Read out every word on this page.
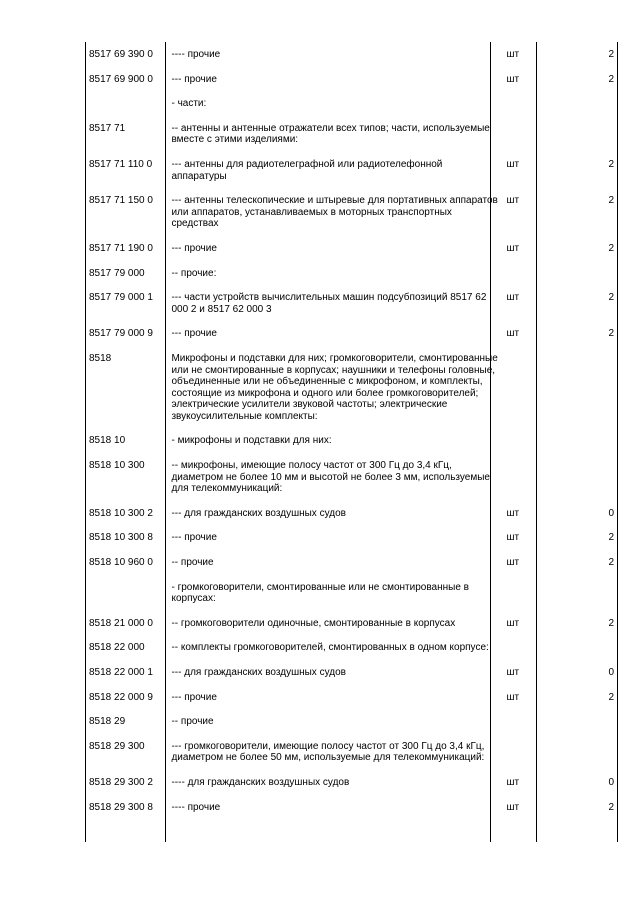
8517 69 390 0	---- прочие	шт	2
8517 69 900 0	--- прочие	шт	2
	- части:		
8517 71	-- антенны и антенные отражатели всех типов; части, используемые вместе с этими изделиями:		
8517 71 110 0	--- антенны для радиотелеграфной или радиотелефонной аппаратуры	шт	2
8517 71 150 0	--- антенны телескопические и штыревые для портативных аппаратов или аппаратов, устанавливаемых в моторных транспортных средствах	шт	2
8517 71 190 0	--- прочие	шт	2
8517 79 000	-- прочие:		
8517 79 000 1	--- части устройств вычислительных машин подсубпозиций 8517 62 000 2 и 8517 62 000 3	шт	2
8517 79 000 9	--- прочие	шт	2
8518	Микрофоны и подставки для них; громкоговорители, смонтированные или не смонтированные в корпусах; наушники и телефоны головные, объединенные или не объединенные с микрофоном, и комплекты, состоящие из микрофона и одного или более громкоговорителей; электрические усилители звуковой частоты; электрические звукоусилительные комплекты:		
8518 10	- микрофоны и подставки для них:		
8518 10 300	-- микрофоны, имеющие полосу частот от 300 Гц до 3,4 кГц, диаметром не более 10 мм и высотой не более 3 мм, используемые для телекоммуникаций:		
8518 10 300 2	--- для гражданских воздушных судов	шт	0
8518 10 300 8	--- прочие	шт	2
8518 10 960 0	-- прочие	шт	2
	- громкоговорители, смонтированные или не смонтированные в корпусах:		
8518 21 000 0	-- громкоговорители одиночные, смонтированные в корпусах	шт	2
8518 22 000	-- комплекты громкоговорителей, смонтированных в одном корпусе:		
8518 22 000 1	--- для гражданских воздушных судов	шт	0
8518 22 000 9	--- прочие	шт	2
8518 29	-- прочие		
8518 29 300	--- громкоговорители, имеющие полосу частот от 300 Гц до 3,4 кГц, диаметром не более 50 мм, используемые для телекоммуникаций:		
8518 29 300 2	---- для гражданских воздушных судов	шт	0
8518 29 300 8	---- прочие	шт	2
